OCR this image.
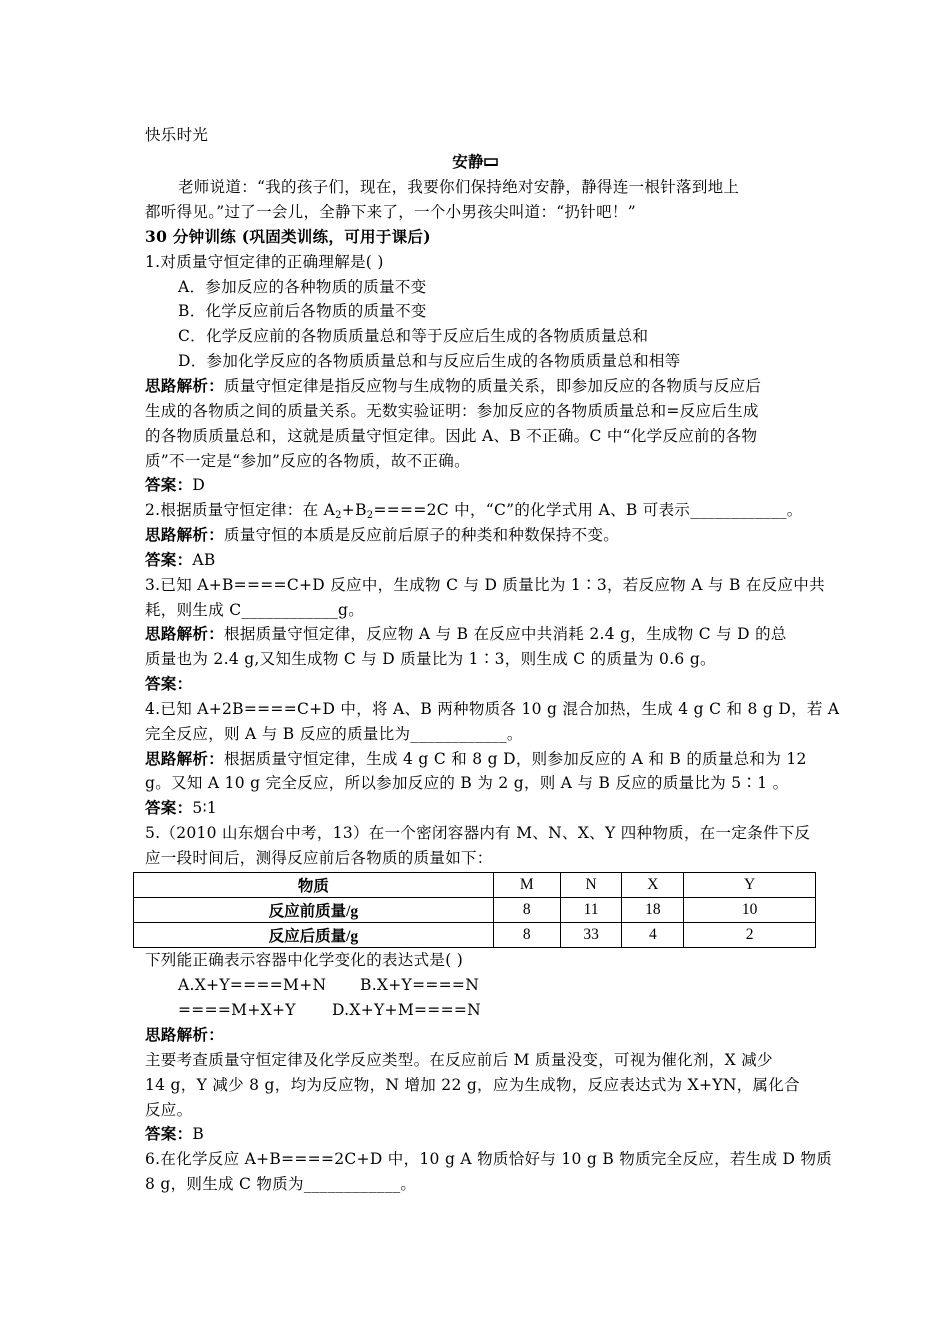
快乐时光
安静
老师说道：“我的孩子们，现在，我要你们保持绝对安静，静得连一根针落到地上
都听得见。”过了一会儿，全静下来了，一个小男孩尖叫道：“扔针吧！”
30 分钟训练 (巩固类训练，可用于课后)
1.对质量守恒定律的正确理解是( )
A．参加反应的各种物质的质量不变
B．化学反应前后各物质的质量不变
C．化学反应前的各物质质量总和等于反应后生成的各物质质量总和
D．参加化学反应的各物质质量总和与反应后生成的各物质质量总和相等
思路解析：质量守恒定律是指反应物与生成物的质量关系，即参加反应的各物质与反应后
生成的各物质之间的质量关系。无数实验证明：参加反应的各物质质量总和=反应后生成
的各物质质量总和，这就是质量守恒定律。因此 A、B 不正确。C 中“化学反应前的各物
质”不一定是“参加”反应的各物质，故不正确。
答案：D
2.根据质量守恒定律：在 $A_2+B_2====2C$ 中，“C”的化学式用 A、B 可表示____________。
思路解析：质量守恒的本质是反应前后原子的种类和种数保持不变。
答案：AB
3.已知 A+B====C+D 反应中，生成物 C 与 D 质量比为 1∶3，若反应物 A 与 B 在反应中共
耗，则生成 C____________g。
思路解析：根据质量守恒定律，反应物 A 与 B 在反应中共消耗 2.4 g，生成物 C 与 D 的总
质量也为 2.4 g,又知生成物 C 与 D 质量比为 1∶3，则生成 C 的质量为 0.6 g。
答案：
4.已知 A+2B====C+D 中，将 A、B 两种物质各 10 g 混合加热，生成 4 g C 和 8 g D，若 A
完全反应，则 A 与 B 反应的质量比为____________。
思路解析：根据质量守恒定律，生成 4 g C 和 8 g D，则参加反应的 A 和 B 的质量总和为 12
g。又知 A 10 g 完全反应，所以参加反应的 B 为 2 g，则 A 与 B 反应的质量比为 5∶1 。
答案：5∶1
5.（2010 山东烟台中考，13）在一个密闭容器内有 M、N、X、Y 四种物质，在一定条件下反
应一段时间后，测得反应前后各物质的质量如下：
物质	M	N	X	Y
反应前质量/g	8	11	18	10
反应后质量/g	8	33	4	2
下列能正确表示容器中化学变化的表达式是( )
A.X+Y====M+N B.X+Y====N
====M+X+Y D.X+Y+M====N
思路解析：
主要考查质量守恒定律及化学反应类型。在反应前后 M 质量没变，可视为催化剂，X 减少
14 g，Y 减少 8 g，均为反应物，N 增加 22 g，应为生成物，反应表达式为 X+YN，属化合
反应。
答案：B
6.在化学反应 A+B====2C+D 中，10 g A 物质恰好与 10 g B 物质完全反应，若生成 D 物质
8 g，则生成 C 物质为____________。
